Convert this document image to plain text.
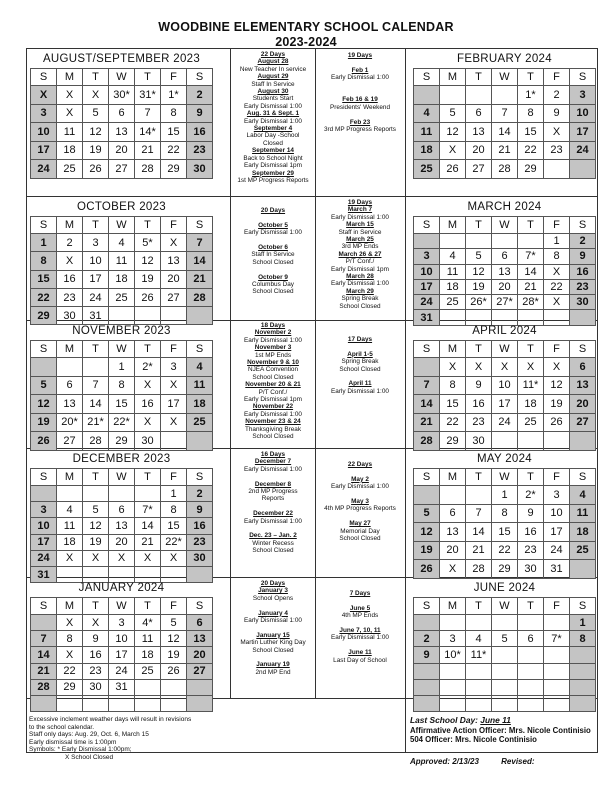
WOODBINE ELEMENTARY SCHOOL CALENDAR
2023-2024
AUGUST/SEPTEMBER 2023
S	M	T	W	T	F	S
X	X	X	30*	31*	1*	2
3	X	5	6	7	8	9
10	11	12	13	14*	15	16
17	18	19	20	21	22	23
24	25	26	27	28	29	30
OCTOBER 2023
S	M	T	W	T	F	S
1	2	3	4	5*	X	7
8	X	10	11	12	13	14
15	16	17	18	19	20	21
22	23	24	25	26	27	28
29	30	31				
NOVEMBER 2023
S	M	T	W	T	F	S
			1	2*	3	4
5	6	7	8	X	X	11
12	13	14	15	16	17	18
19	20*	21*	22*	X	X	25
26	27	28	29	30		
DECEMBER 2023
S	M	T	W	T	F	S
					1	2
3	4	5	6	7*	8	9
10	11	12	13	14	15	16
17	18	19	20	21	22*	23
24	X	X	X	X	X	30
31						
JANUARY 2024
S	M	T	W	T	F	S
	X	X	3	4*	5	6
7	8	9	10	11	12	13
14	X	16	17	18	19	20
21	22	23	24	25	26	27
28	29	30	31			

FEBRUARY 2024
S	M	T	W	T	F	S
				1*	2	3
4	5	6	7	8	9	10
11	12	13	14	15	X	17
18	X	20	21	22	23	24
25	26	27	28	29		
MARCH 2024
S	M	T	W	T	F	S
					1	2
3	4	5	6	7*	8	9
10	11	12	13	14	X	16
17	18	19	20	21	22	23
24	25	26*	27*	28*	X	30
31						
APRIL 2024
S	M	T	W	T	F	S
	X	X	X	X	X	6
7	8	9	10	11*	12	13
14	15	16	17	18	19	20
21	22	23	24	25	26	27
28	29	30				
MAY 2024
S	M	T	W	T	F	S
			1	2*	3	4
5	6	7	8	9	10	11
12	13	14	15	16	17	18
19	20	21	22	23	24	25
26	X	28	29	30	31	
JUNE 2024
S	M	T	W	T	F	S
						1
2	3	4	5	6	7*	8
9	10*	11*				

22 Days
August 28
New Teacher In service
August 29
Staff In Service
August 30
Students Start
Early Dismissal 1:00
Aug. 31 & Sept. 1
Early Dismissal 1:00
September 4
Labor Day -School
Closed
September 14
Back to School Night
Early Dismissal 1pm
September 29
1st MP Progress Reports
19 Days
Feb 1
Early Dismissal 1:00
Feb 16 & 19
Presidents' Weekend
Feb 23
3rd MP Progress Reports
20 Days
October 5
Early Dismissal 1:00
October 6
Staff In Service
School Closed
October 9
Columbus Day
School Closed
19 Days
March 7
Early Dismissal 1:00
March 15
Staff in Service
March 25
3rd MP Ends
March 26 & 27
P/T Conf./
Early Dismissal 1pm
March 28
Early Dismissal 1:00
March 29
Spring Break
School Closed
18 Days
November 2
Early Dismissal 1:00
November 3
1st MP Ends
November 9 & 10
NJEA Convention
School Closed
November 20 & 21
P/T Conf./
Early Dismissal 1pm
November 22
Early Dismissal 1:00
November 23 & 24
Thanksgiving Break
School Closed
17 Days
April 1-5
Spring Break
School Closed
April 11
Early Dismissal 1:00
16 Days
December 7
Early Dismissal 1:00
December 8
2nd MP Progress
Reports
December 22
Early Dismissal 1:00
Dec. 23 – Jan. 2
Winter Recess
School Closed
22 Days
May 2
Early Dismissal 1:00
May 3
4th MP Progress Reports
May 27
Memorial Day
School Closed
20 Days
January 3
School Opens
January 4
Early Dismissal 1:00
January 15
Martin Luther King Day
School Closed
January 19
2nd MP End
7 Days
June 5
4th MP Ends
June 7, 10, 11
Early Dismissal 1:00
June 11
Last Day of School
Excessive inclement weather days will result in revisions
to the school calendar.
Staff only days: Aug. 29, Oct. 6, March 15
Early dismissal time is 1:00pm
Symbols: * Early Dismissal 1:00pm;
X School Closed
Last School Day: June 11
Affirmative Action Officer: Mrs. Nicole Continisio
504 Officer: Mrs. Nicole Continisio
Approved: 2/13/23	Revised:
